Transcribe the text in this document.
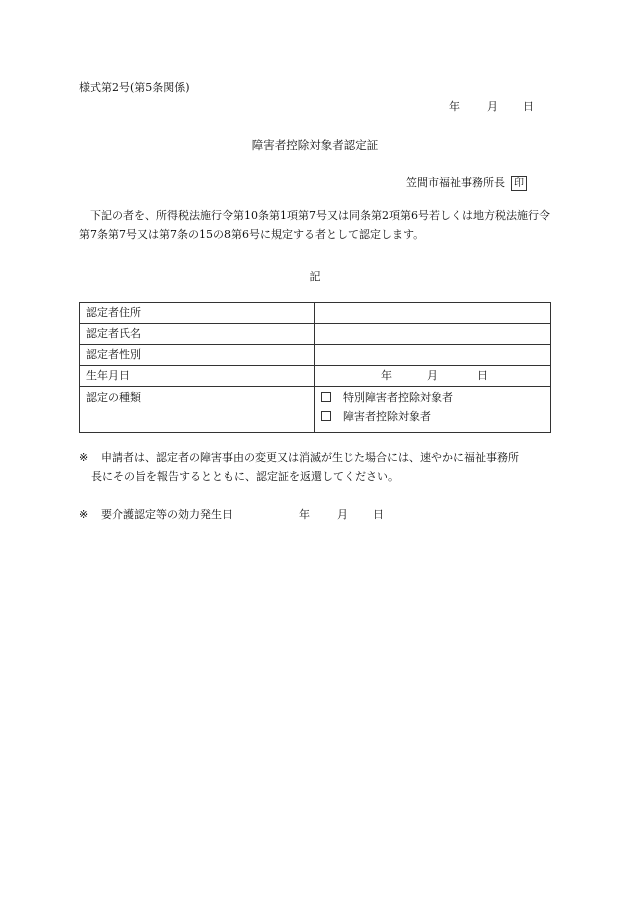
様式第2号(第5条関係)
年 月 日
障害者控除対象者認定証
笠間市福祉事務所長 印
下記の者を、所得税法施行令第10条第1項第7号又は同条第2項第6号若しくは地方税法施行令第7条第7号又は第7条の15の8第6号に規定する者として認定します。
記
認定者住所	
認定者氏名	
認定者性別	
生年月日	年 月 日
認定の種類	特別障害者控除対象者
障害者控除対象者
※ 申請者は、認定者の障害事由の変更又は消滅が生じた場合には、速やかに福祉事務所
長にその旨を報告するとともに、認定証を返還してください。
※ 要介護認定等の効力発生日	年 月 日
